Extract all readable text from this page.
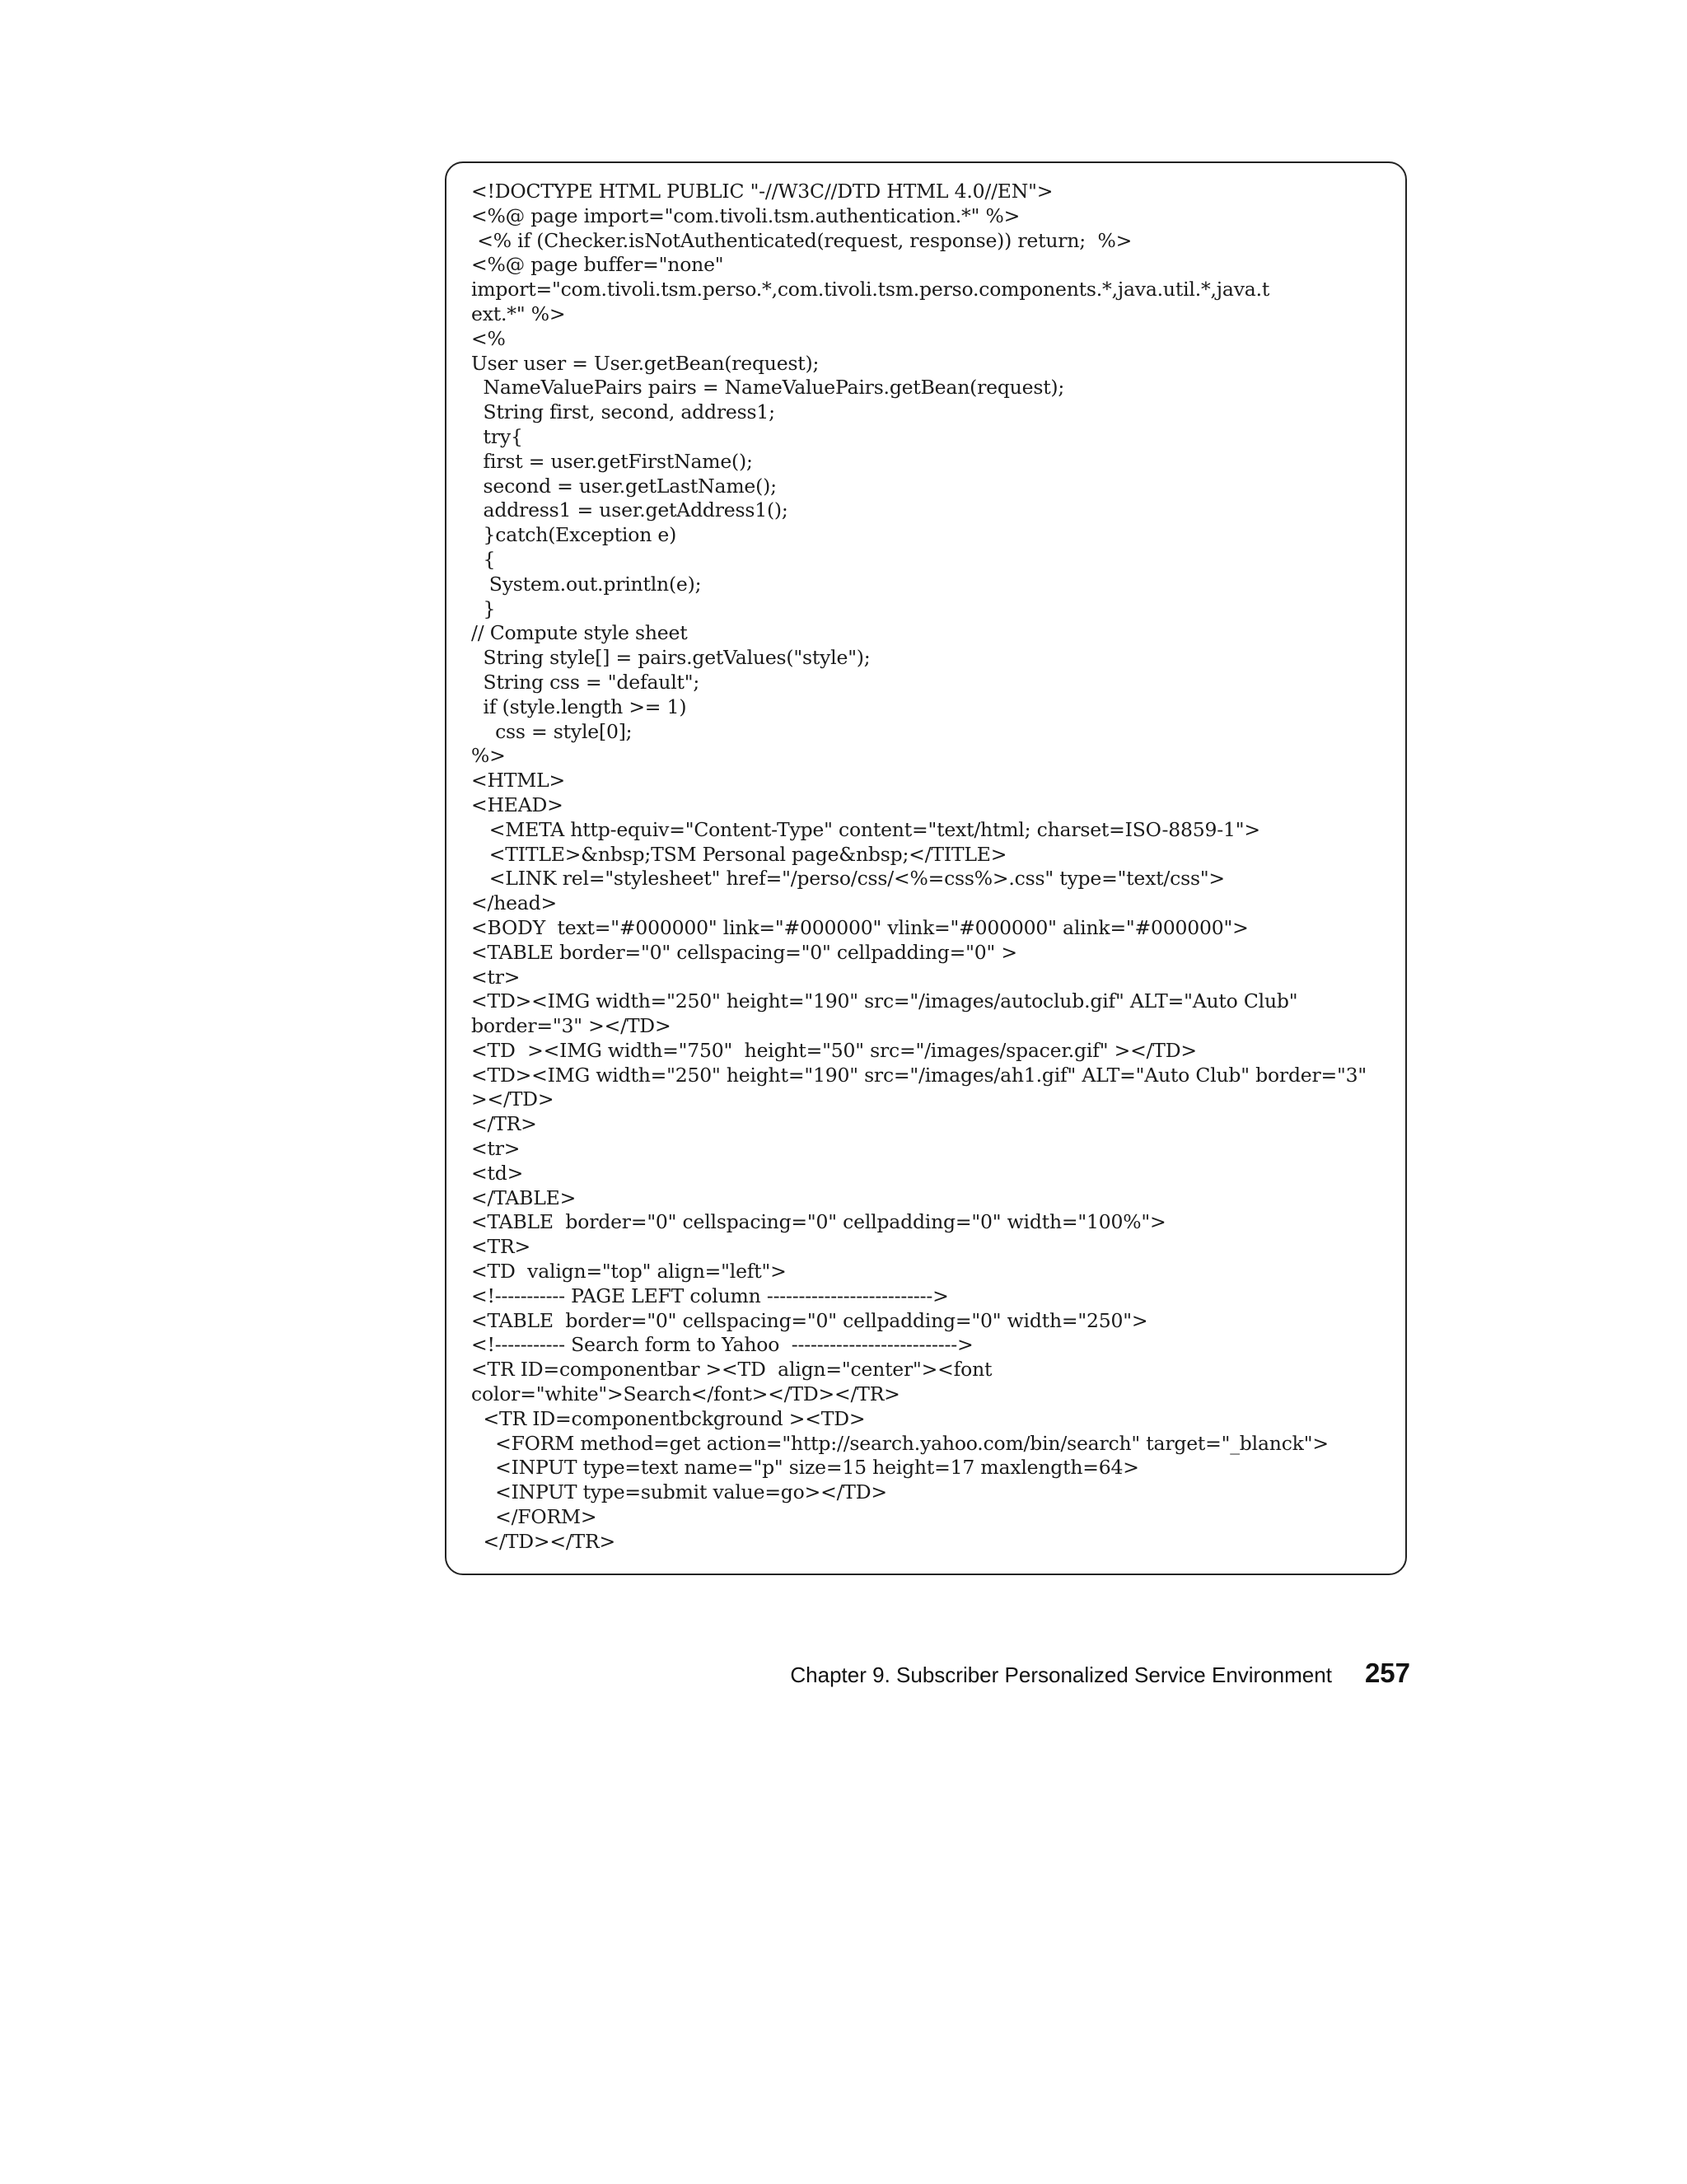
<!DOCTYPE HTML PUBLIC "-//W3C//DTD HTML 4.0//EN">
<%@ page import="com.tivoli.tsm.authentication.*" %>
<% if (Checker.isNotAuthenticated(request, response)) return;  %>
<%@ page buffer="none"
import="com.tivoli.tsm.perso.*,com.tivoli.tsm.perso.components.*,java.util.*,java.t
ext.*" %>
<%
User user = User.getBean(request);
NameValuePairs pairs = NameValuePairs.getBean(request);
String first, second, address1;
try{
first = user.getFirstName();
second = user.getLastName();
address1 = user.getAddress1();
}catch(Exception e)
{
System.out.println(e);
}
// Compute style sheet
String style[] = pairs.getValues("style");
String css = "default";
if (style.length >= 1)
css = style[0];
%>
<HTML>
<HEAD>
<META http-equiv="Content-Type" content="text/html; charset=ISO-8859-1">
<TITLE>&nbsp;TSM Personal page&nbsp;</TITLE>
<LINK rel="stylesheet" href="/perso/css/<%=css%>.css" type="text/css">
</head>
<BODY  text="#000000" link="#000000" vlink="#000000" alink="#000000">
<TABLE border="0" cellspacing="0" cellpadding="0" >
<tr>
<TD><IMG width="250" height="190" src="/images/autoclub.gif" ALT="Auto Club"
border="3" ></TD>
<TD  ><IMG width="750"  height="50" src="/images/spacer.gif" ></TD>
<TD><IMG width="250" height="190" src="/images/ah1.gif" ALT="Auto Club" border="3"
></TD>
</TR>
<tr>
<td>
</TABLE>
<TABLE  border="0" cellspacing="0" cellpadding="0" width="100%">
<TR>
<TD  valign="top" align="left">
<!----------- PAGE LEFT column -------------------------->
<TABLE  border="0" cellspacing="0" cellpadding="0" width="250">
<!----------- Search form to Yahoo  -------------------------->
<TR ID=componentbar ><TD  align="center"><font
color="white">Search</font></TD></TR>
<TR ID=componentbckground ><TD>
<FORM method=get action="http://search.yahoo.com/bin/search" target="_blanck">
<INPUT type=text name="p" size=15 height=17 maxlength=64>
<INPUT type=submit value=go></TD>
</FORM>
</TD></TR>
Chapter 9. Subscriber Personalized Service Environment 257
